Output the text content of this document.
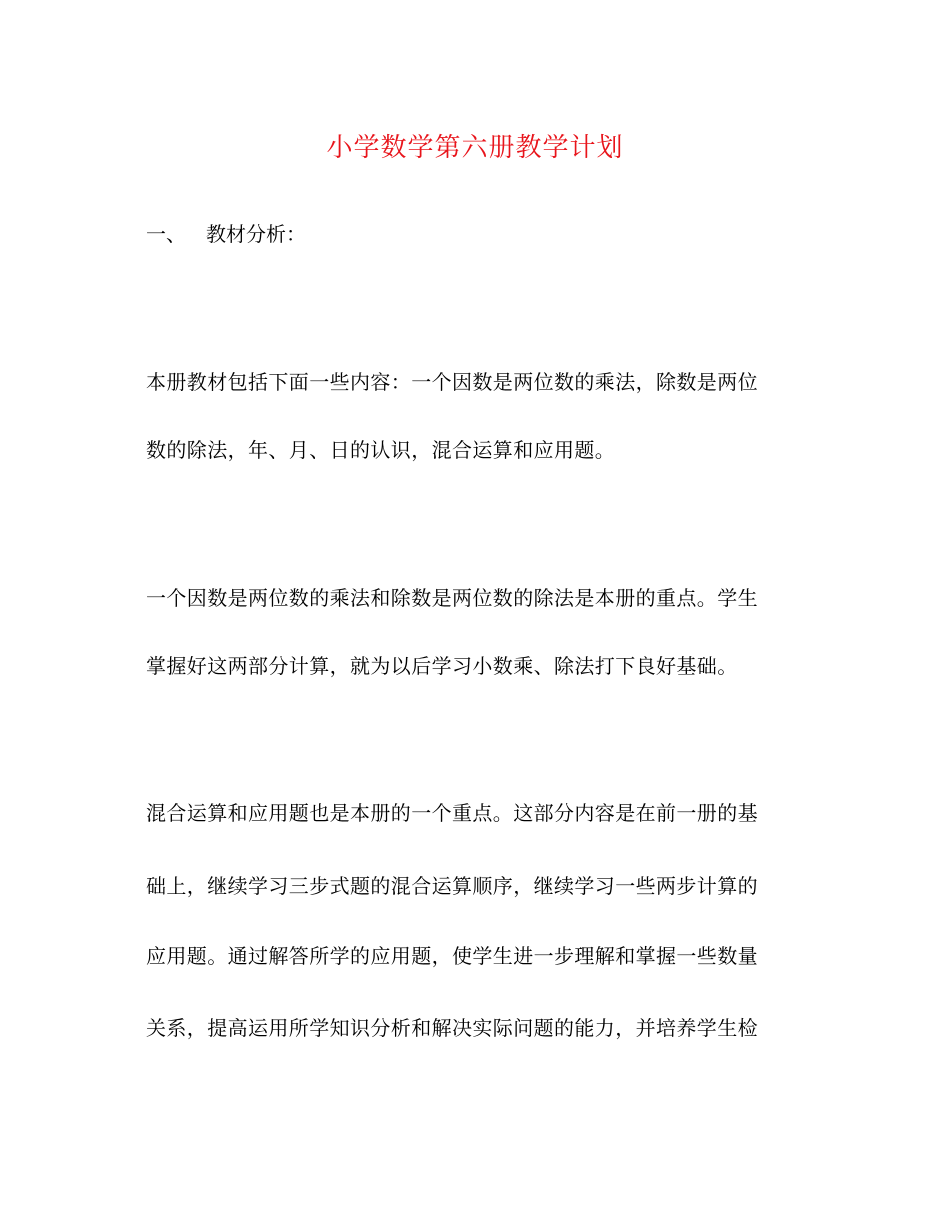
小学数学第六册教学计划
一、 教材分析：
本册教材包括下面一些内容：一个因数是两位数的乘法，除数是两位
数的除法，年、月、日的认识，混合运算和应用题。
一个因数是两位数的乘法和除数是两位数的除法是本册的重点。学生
掌握好这两部分计算，就为以后学习小数乘、除法打下良好基础。
混合运算和应用题也是本册的一个重点。这部分内容是在前一册的基
础上，继续学习三步式题的混合运算顺序，继续学习一些两步计算的
应用题。通过解答所学的应用题，使学生进一步理解和掌握一些数量
关系，提高运用所学知识分析和解决实际问题的能力，并培养学生检
